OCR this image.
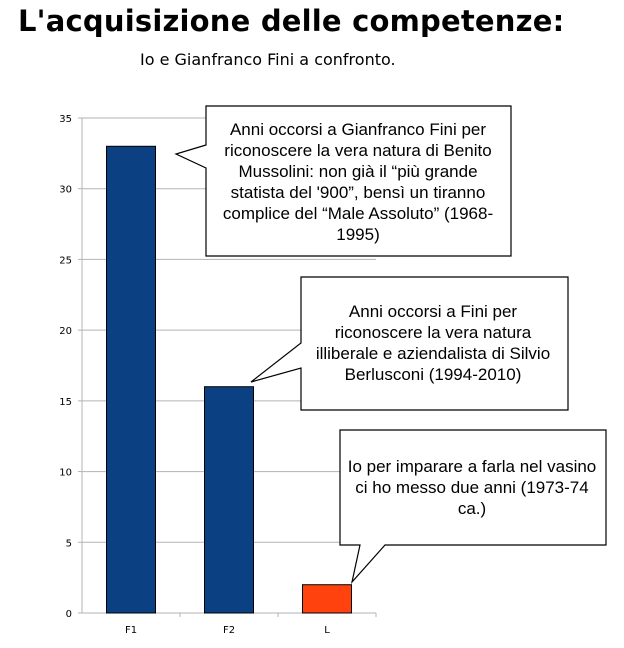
L'acquisizione delle competenze:
Io e Gianfranco Fini a confronto.
0
5
10
15
20
25
30
35
F1	F2	L
Anni occorsi a Gianfranco Fini per riconoscere la vera natura di Benito Mussolini: non già il “più grande statista del '900”, bensì un tiranno complice del “Male Assoluto” (1968-1995)
Anni occorsi a Fini per riconoscere la vera natura illiberale e aziendalista di Silvio Berlusconi (1994-2010)
Io per imparare a farla nel vasino ci ho messo due anni (1973-74 ca.)
